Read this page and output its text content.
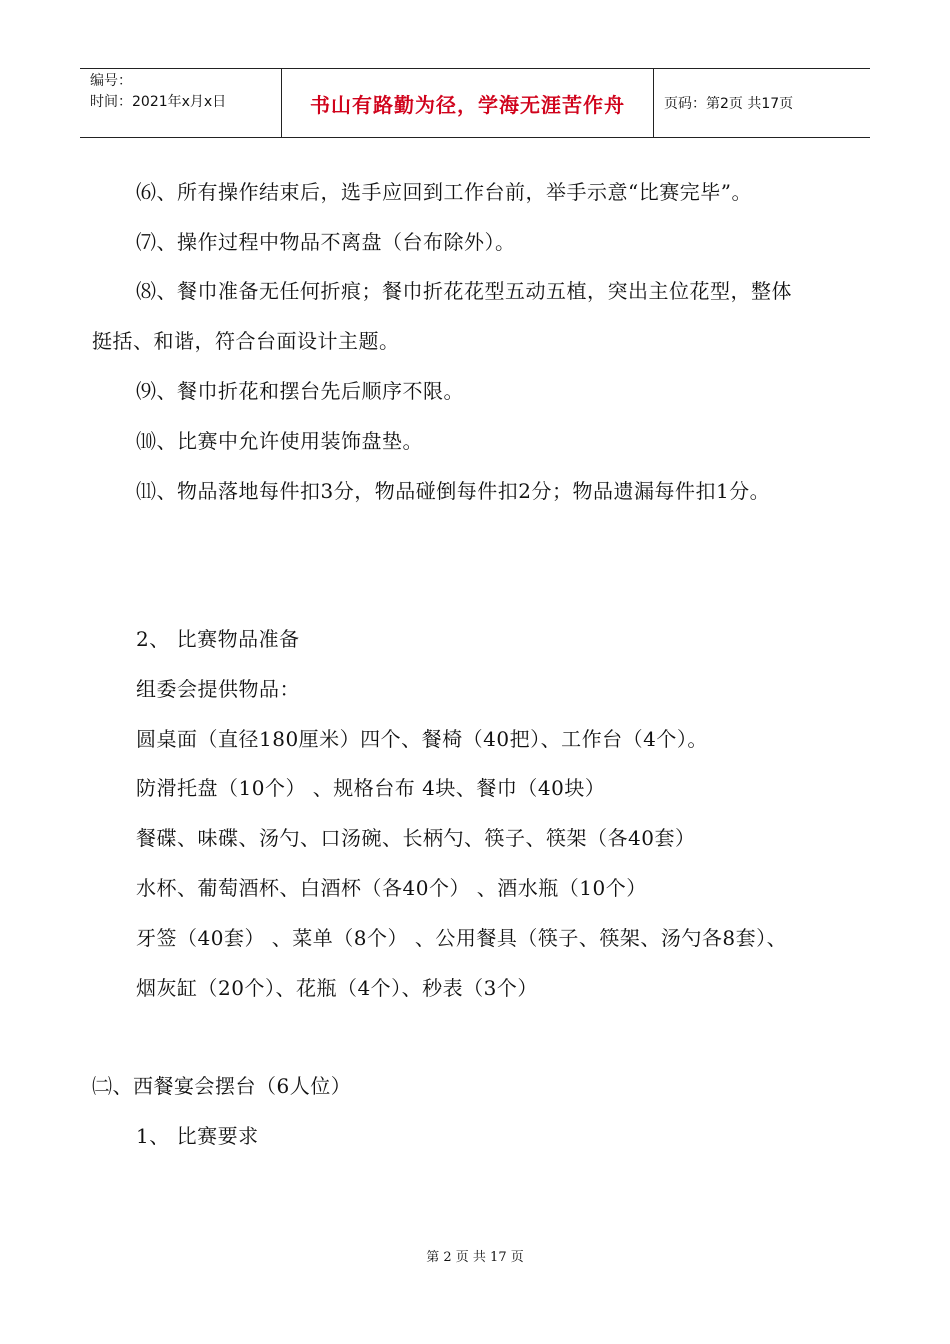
编号：
时间：2021年x月x日	书山有路勤为径，学海无涯苦作舟	页码：第2页 共17页
⑹、所有操作结束后，选手应回到工作台前，举手示意“比赛完毕”。
⑺、操作过程中物品不离盘（台布除外）。
⑻、餐巾准备无任何折痕；餐巾折花花型五动五植，突出主位花型，整体
挺括、和谐，符合台面设计主题。
⑼、餐巾折花和摆台先后顺序不限。
⑽、比赛中允许使用装饰盘垫。
⑾、物品落地每件扣3分，物品碰倒每件扣2分；物品遗漏每件扣1分。
2、 比赛物品准备
组委会提供物品：
圆桌面（直径180厘米）四个、餐椅（40把）、工作台（4个）。
防滑托盘（10个） 、规格台布 4块、餐巾（40块）
餐碟、味碟、汤勺、口汤碗、长柄勺、筷子、筷架（各40套）
水杯、葡萄酒杯、白酒杯（各40个） 、酒水瓶（10个）
牙签（40套） 、菜单（8个） 、公用餐具（筷子、筷架、汤勺各8套）、
烟灰缸（20个）、花瓶（4个）、秒表（3个）
㈡、西餐宴会摆台（6人位）
1、 比赛要求
第 2 页 共 17 页
